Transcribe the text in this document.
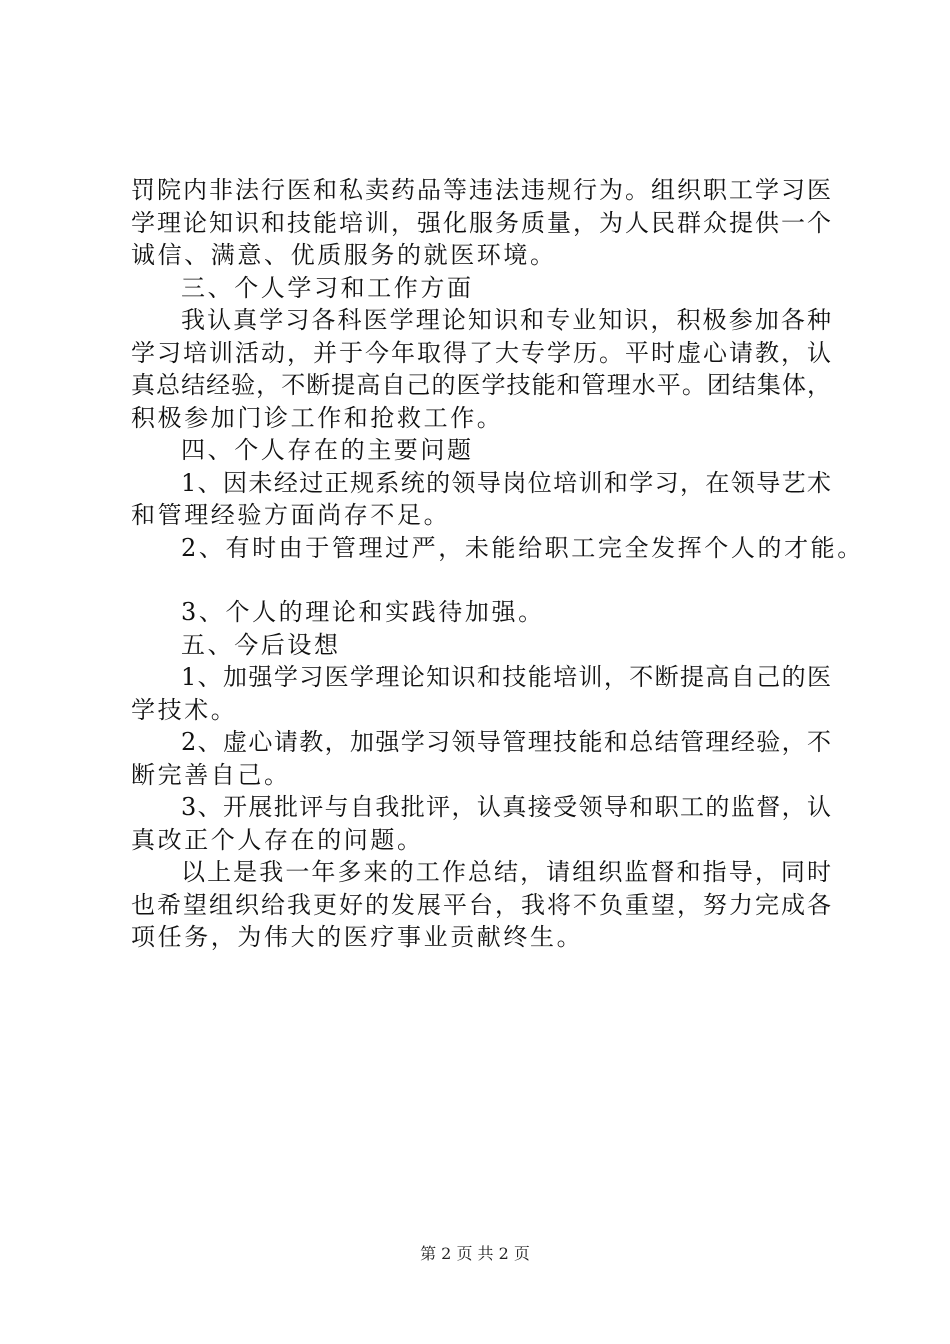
罚院内非法行医和私卖药品等违法违规行为。组织职工学习医
学理论知识和技能培训，强化服务质量，为人民群众提供一个
诚信、满意、优质服务的就医环境。
三、个人学习和工作方面
我认真学习各科医学理论知识和专业知识，积极参加各种
学习培训活动，并于今年取得了大专学历。平时虚心请教，认
真总结经验，不断提高自己的医学技能和管理水平。团结集体，
积极参加门诊工作和抢救工作。
四、个人存在的主要问题
1、因未经过正规系统的领导岗位培训和学习，在领导艺术
和管理经验方面尚存不足。
2、有时由于管理过严，未能给职工完全发挥个人的才能。
3、个人的理论和实践待加强。
五、今后设想
1、加强学习医学理论知识和技能培训，不断提高自己的医
学技术。
2、虚心请教，加强学习领导管理技能和总结管理经验，不
断完善自己。
3、开展批评与自我批评，认真接受领导和职工的监督，认
真改正个人存在的问题。
以上是我一年多来的工作总结，请组织监督和指导，同时
也希望组织给我更好的发展平台，我将不负重望，努力完成各
项任务，为伟大的医疗事业贡献终生。
第 2 页 共 2 页
